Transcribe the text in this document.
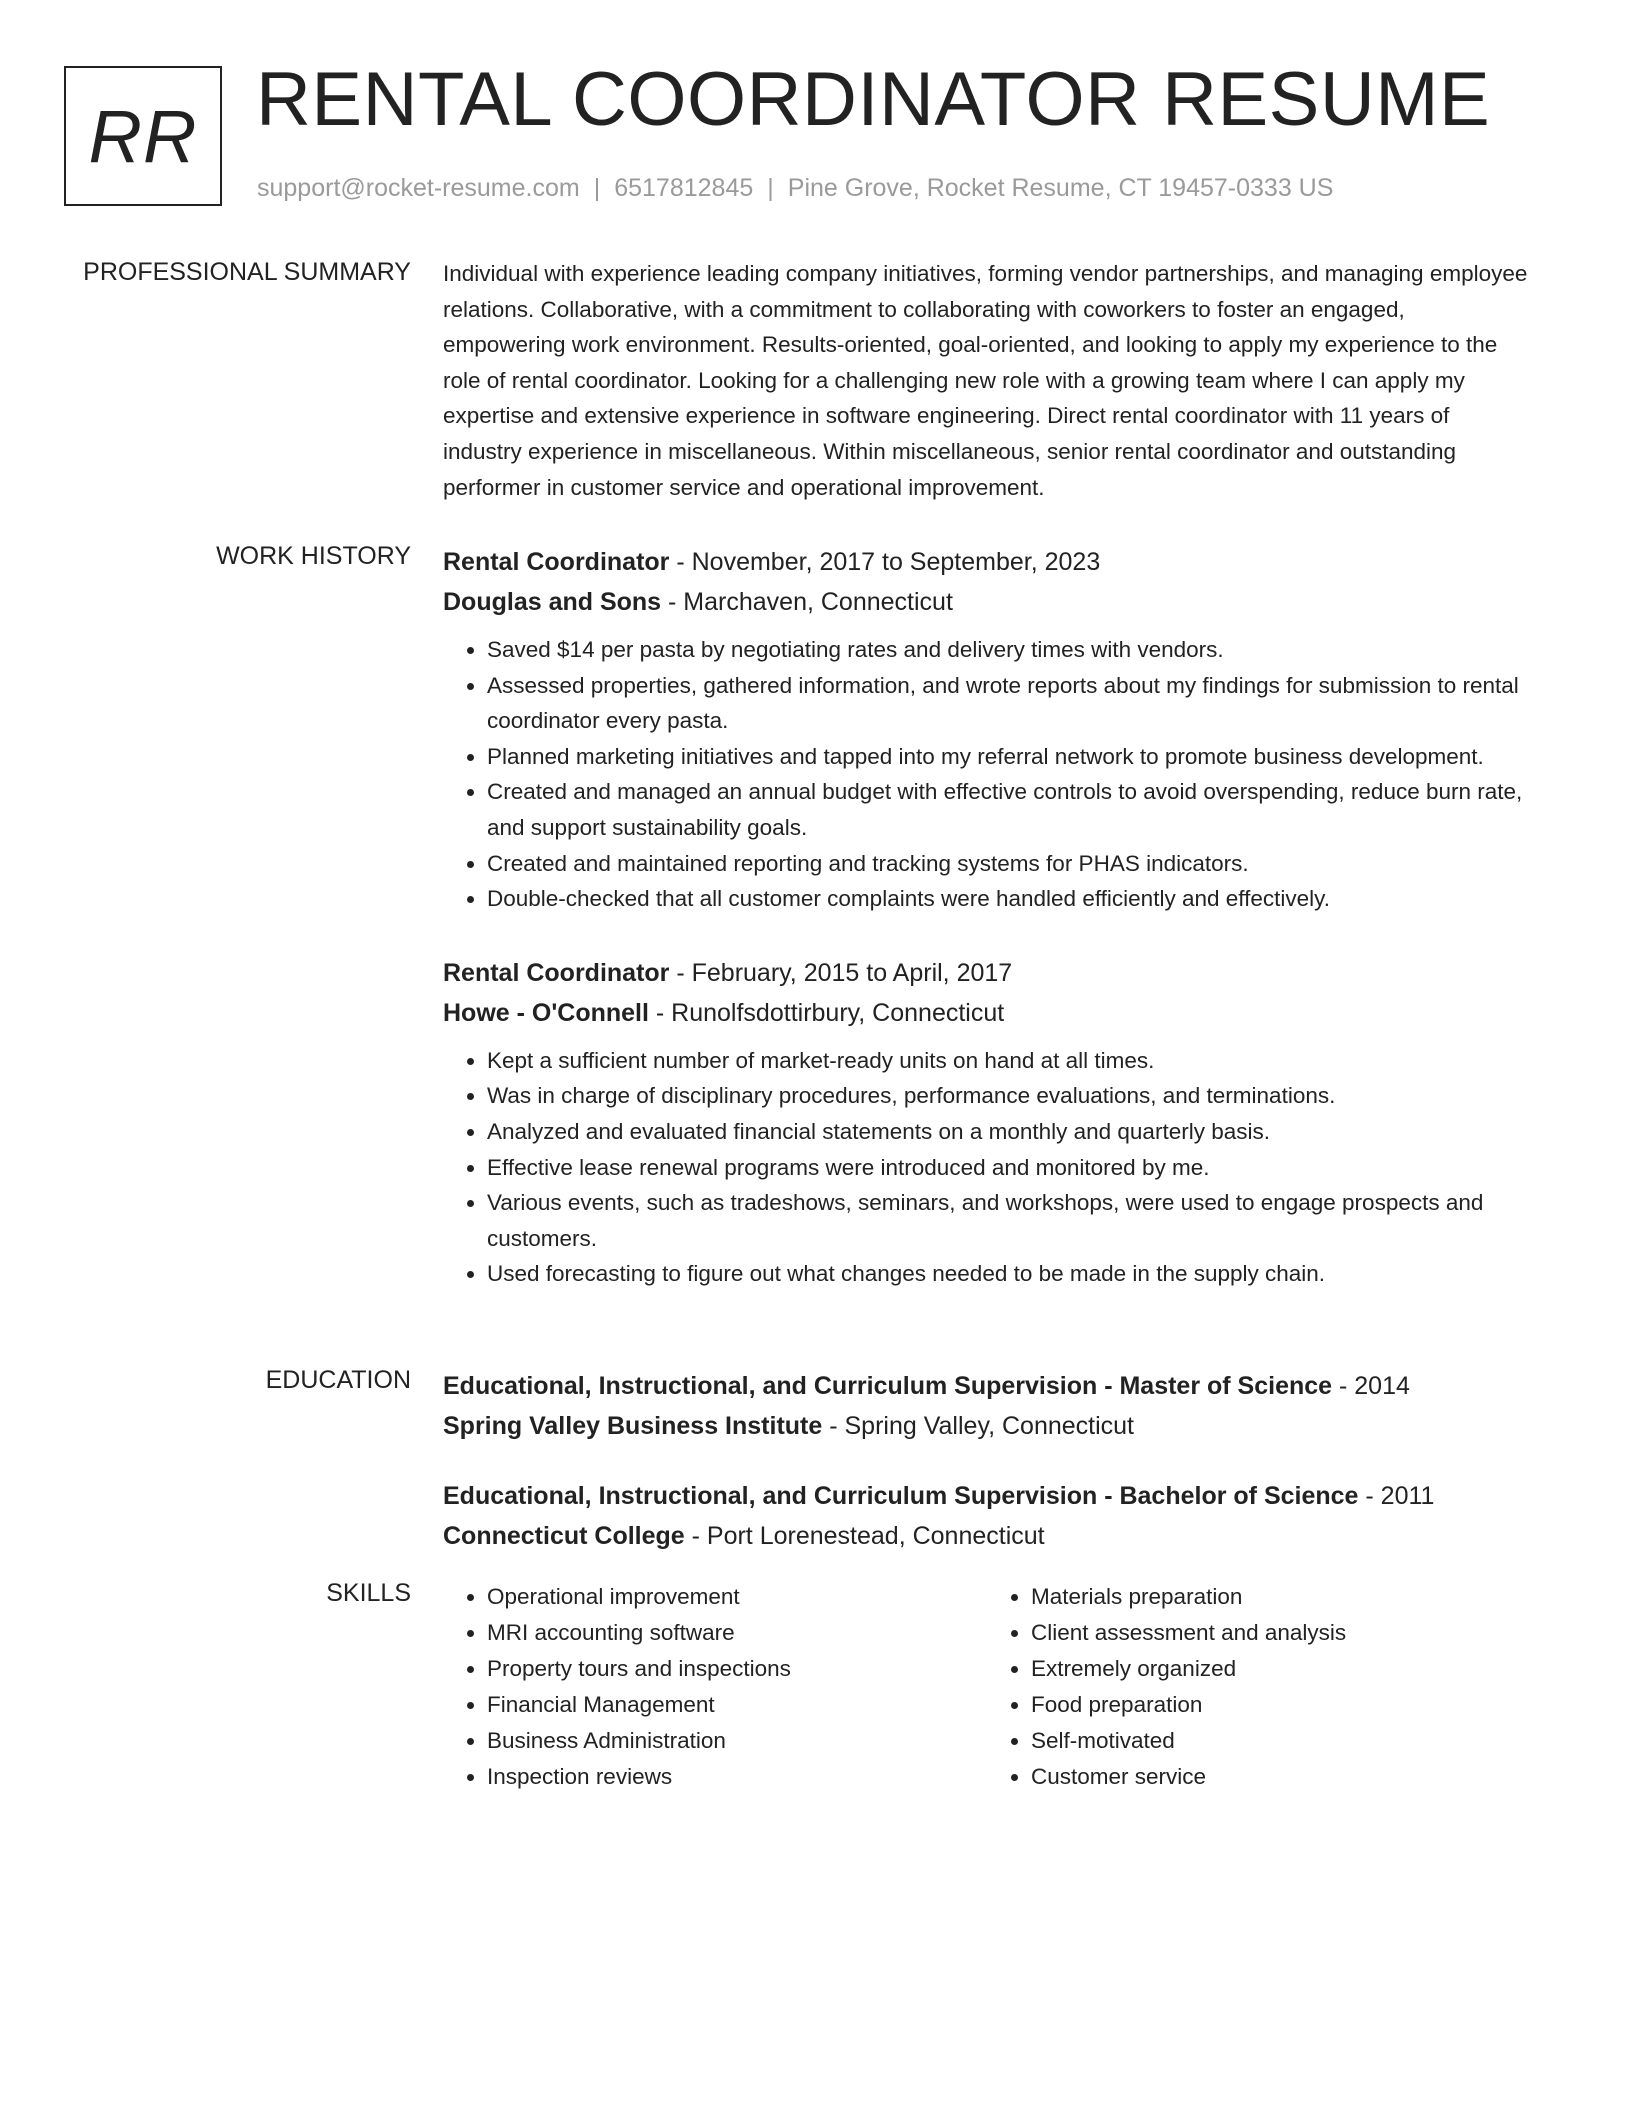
RR RENTAL COORDINATOR RESUME
support@rocket-resume.com | 6517812845 | Pine Grove, Rocket Resume, CT 19457-0333 US
PROFESSIONAL SUMMARY Individual with experience leading company initiatives, forming vendor partnerships, and managing employee relations. Collaborative, with a commitment to collaborating with coworkers to foster an engaged, empowering work environment. Results-oriented, goal-oriented, and looking to apply my experience to the role of rental coordinator. Looking for a challenging new role with a growing team where I can apply my expertise and extensive experience in software engineering. Direct rental coordinator with 11 years of industry experience in miscellaneous. Within miscellaneous, senior rental coordinator and outstanding performer in customer service and operational improvement.

WORK HISTORY Rental Coordinator - November, 2017 to September, 2023
Douglas and Sons - Marchaven, Connecticut
• Saved $14 per pasta by negotiating rates and delivery times with vendors.
• Assessed properties, gathered information, and wrote reports about my findings for submission to rental coordinator every pasta.
• Planned marketing initiatives and tapped into my referral network to promote business development.
• Created and managed an annual budget with effective controls to avoid overspending, reduce burn rate, and support sustainability goals.
• Created and maintained reporting and tracking systems for PHAS indicators.
• Double-checked that all customer complaints were handled efficiently and effectively.
Rental Coordinator - February, 2015 to April, 2017
Howe - O'Connell - Runolfsdottirbury, Connecticut
• Kept a sufficient number of market-ready units on hand at all times.
• Was in charge of disciplinary procedures, performance evaluations, and terminations.
• Analyzed and evaluated financial statements on a monthly and quarterly basis.
• Effective lease renewal programs were introduced and monitored by me.
• Various events, such as tradeshows, seminars, and workshops, were used to engage prospects and customers.
• Used forecasting to figure out what changes needed to be made in the supply chain.
EDUCATION Educational, Instructional, and Curriculum Supervision - Master of Science - 2014
Spring Valley Business Institute - Spring Valley, Connecticut
Educational, Instructional, and Curriculum Supervision - Bachelor of Science - 2011
Connecticut College - Port Lorenestead, Connecticut
SKILLS
•	Operational improvement
• MRI accounting software
• Property tours and inspections
• Financial Management
• Business Administration
• Inspection reviews
• Materials preparation
• Client assessment and analysis
• Extremely organized
• Food preparation
• Self-motivated
• Customer service
